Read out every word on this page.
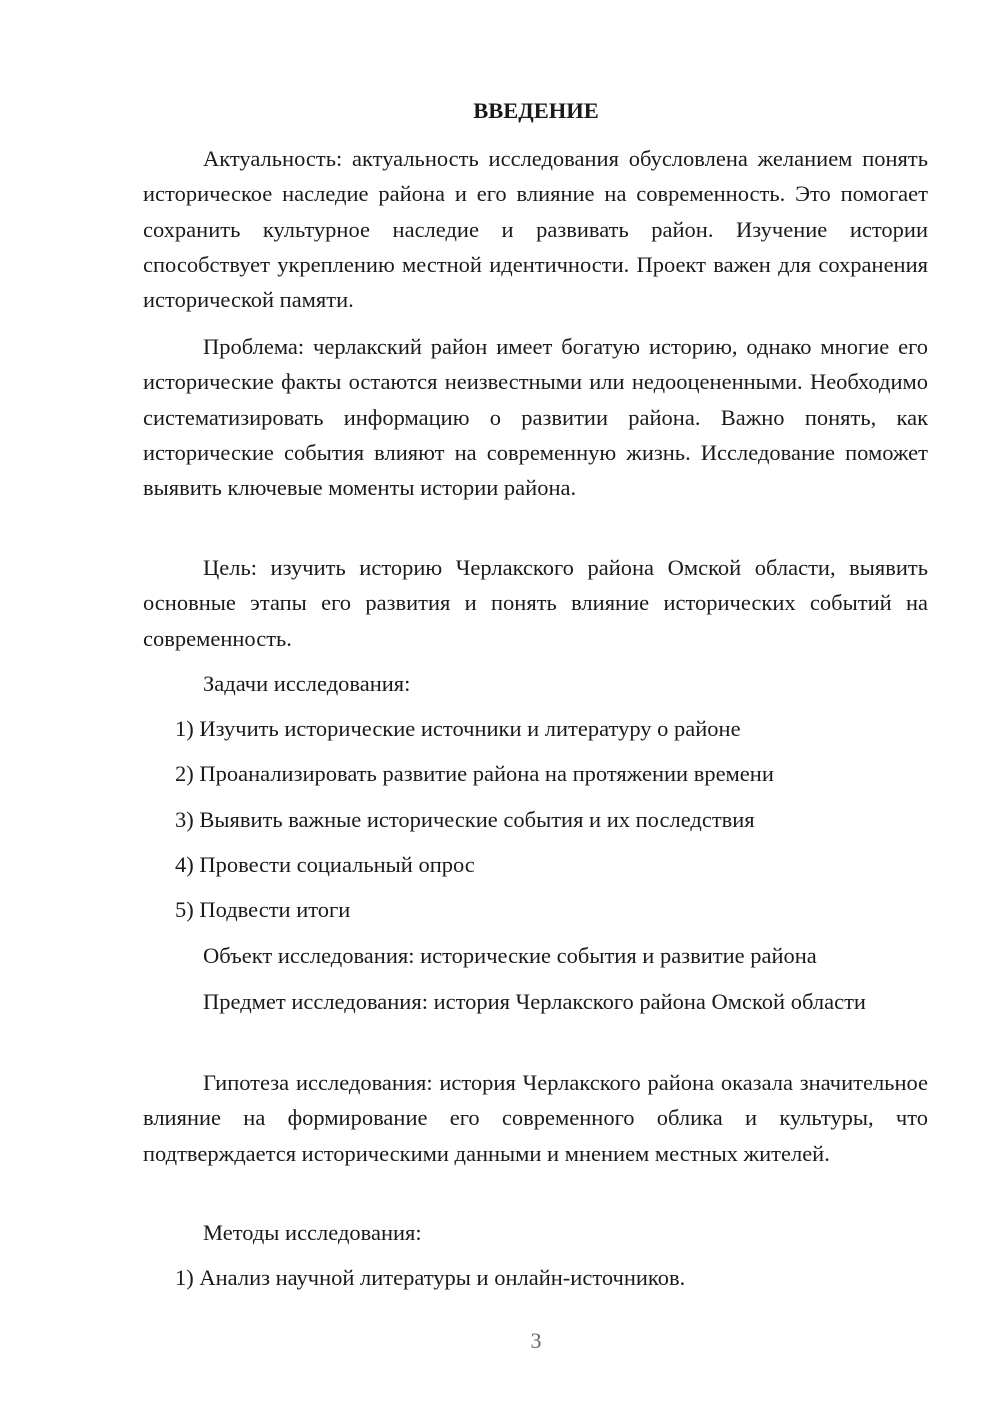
ВВЕДЕНИЕ

Актуальность: актуальность исследования обусловлена желанием понять историческое наследие района и его влияние на современность. Это помогает сохранить культурное наследие и развивать район. Изучение истории способствует укреплению местной идентичности. Проект важен для сохранения исторической памяти.

Проблема: черлакский район имеет богатую историю, однако многие его исторические факты остаются неизвестными или недооцененными. Необходимо систематизировать информацию о развитии района. Важно понять, как исторические события влияют на современную жизнь. Исследование поможет выявить ключевые моменты истории района.

Цель: изучить историю Черлакского района Омской области, выявить основные этапы его развития и понять влияние исторических событий на современность.

Задачи исследования:
1) Изучить исторические источники и литературу о районе
2) Проанализировать развитие района на протяжении времени
3) Выявить важные исторические события и их последствия
4) Провести социальный опрос
5) Подвести итоги
Объект исследования: исторические события и развитие района

Предмет исследования: история Черлакского района Омской области

Гипотеза исследования: история Черлакского района оказала значительное влияние на формирование его современного облика и культуры, что подтверждается историческими данными и мнением местных жителей.

Методы исследования:
1) Анализ научной литературы и онлайн-источников.
3
